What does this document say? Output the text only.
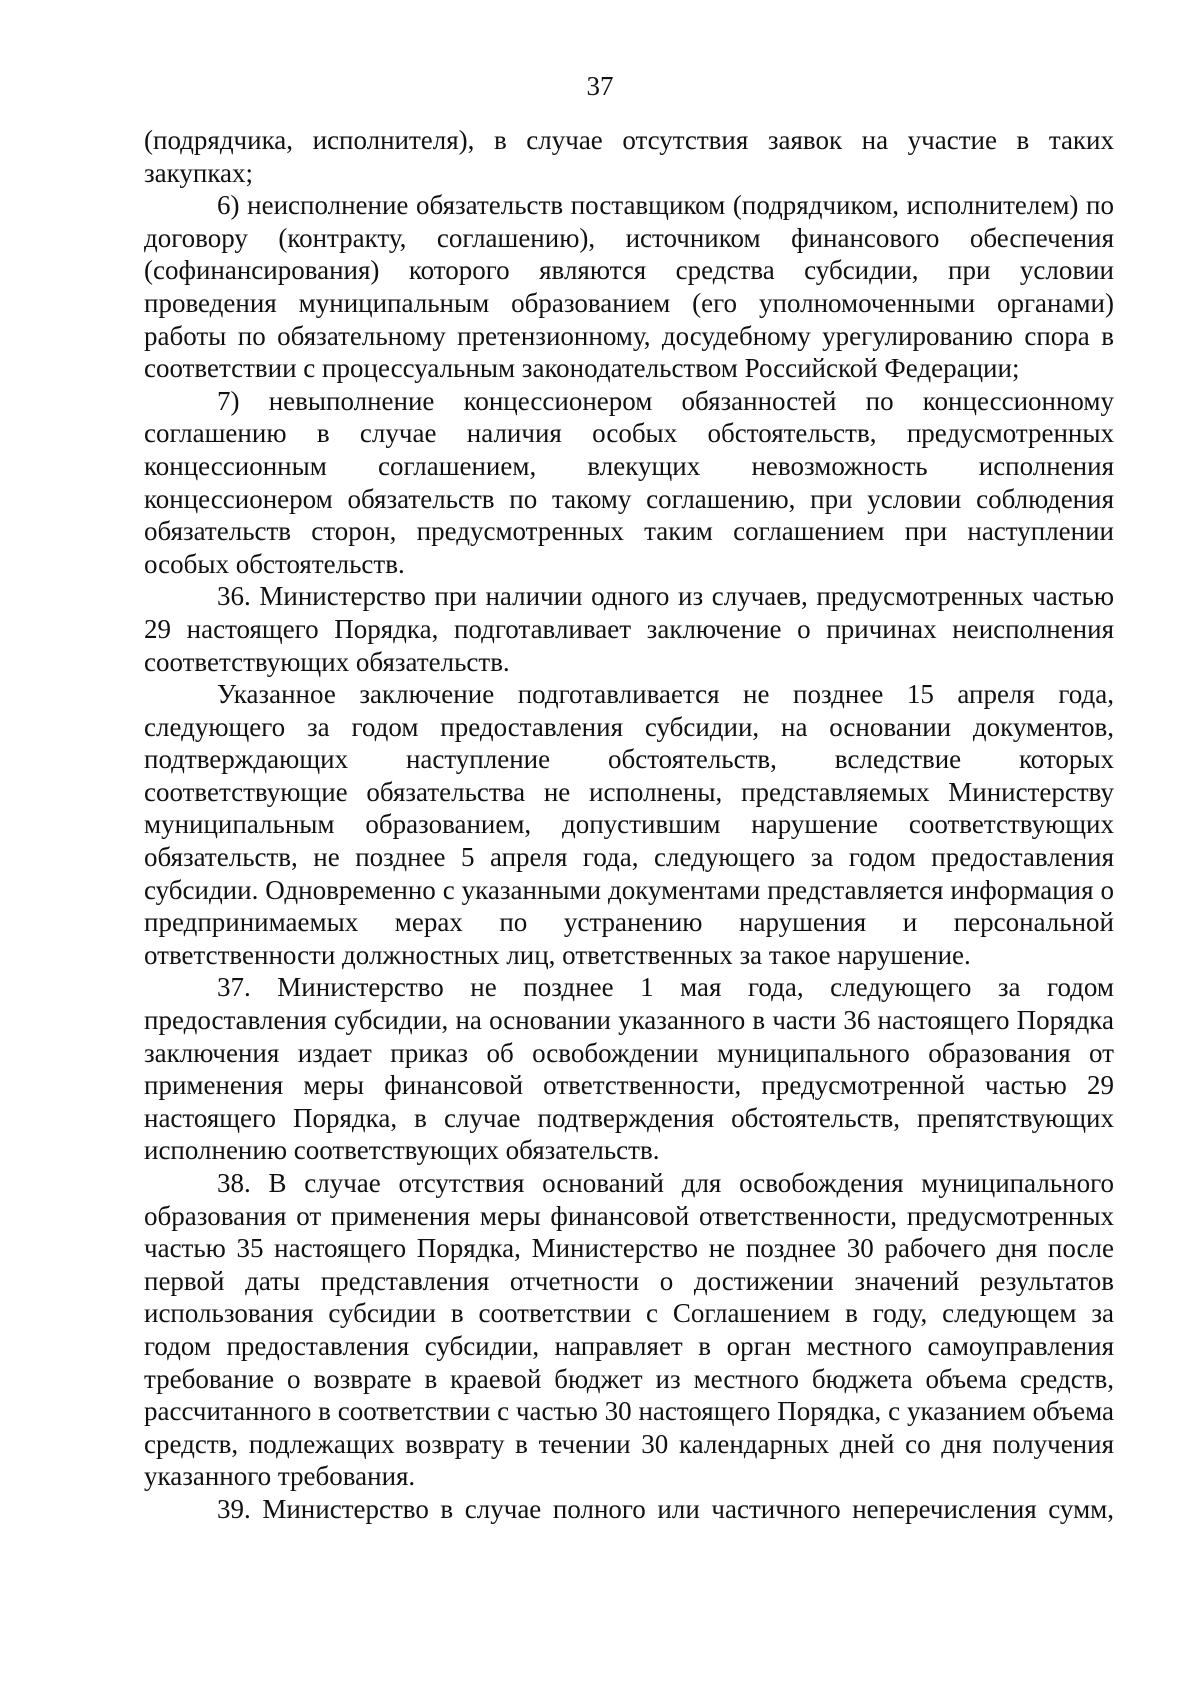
37

(подрядчика, исполнителя), в случае отсутствия заявок на участие в таких закупках;

6) неисполнение обязательств поставщиком (подрядчиком, исполнителем) по договору (контракту, соглашению), источником финансового обеспечения (софинансирования) которого являются средства субсидии, при условии проведения муниципальным образованием (его уполномоченными органами) работы по обязательному претензионному, досудебному урегулированию спора в соответствии с процессуальным законодательством Российской Федерации;

7) невыполнение концессионером обязанностей по концессионному соглашению в случае наличия особых обстоятельств, предусмотренных концессионным соглашением, влекущих невозможность исполнения концессионером обязательств по такому соглашению, при условии соблюдения обязательств сторон, предусмотренных таким соглашением при наступлении особых обстоятельств.

36. Министерство при наличии одного из случаев, предусмотренных частью 29 настоящего Порядка, подготавливает заключение о причинах неисполнения соответствующих обязательств.

Указанное заключение подготавливается не позднее 15 апреля года, следующего за годом предоставления субсидии, на основании документов, подтверждающих наступление обстоятельств, вследствие которых соответствующие обязательства не исполнены, представляемых Министерству муниципальным образованием, допустившим нарушение соответствующих обязательств, не позднее 5 апреля года, следующего за годом предоставления субсидии. Одновременно с указанными документами представляется информация о предпринимаемых мерах по устранению нарушения и персональной ответственности должностных лиц, ответственных за такое нарушение.

37. Министерство не позднее 1 мая года, следующего за годом предоставления субсидии, на основании указанного в части 36 настоящего Порядка заключения издает приказ об освобождении муниципального образования от применения меры финансовой ответственности, предусмотренной частью 29 настоящего Порядка, в случае подтверждения обстоятельств, препятствующих исполнению соответствующих обязательств.

38. В случае отсутствия оснований для освобождения муниципального образования от применения меры финансовой ответственности, предусмотренных частью 35 настоящего Порядка, Министерство не позднее 30 рабочего дня после первой даты представления отчетности о достижении значений результатов использования субсидии в соответствии с Соглашением в году, следующем за годом предоставления субсидии, направляет в орган местного самоуправления требование о возврате в краевой бюджет из местного бюджета объема средств, рассчитанного в соответствии с частью 30 настоящего Порядка, с указанием объема средств, подлежащих возврату в течении 30 календарных дней со дня получения указанного требования.

39. Министерство в случае полного или частичного неперечисления сумм,
